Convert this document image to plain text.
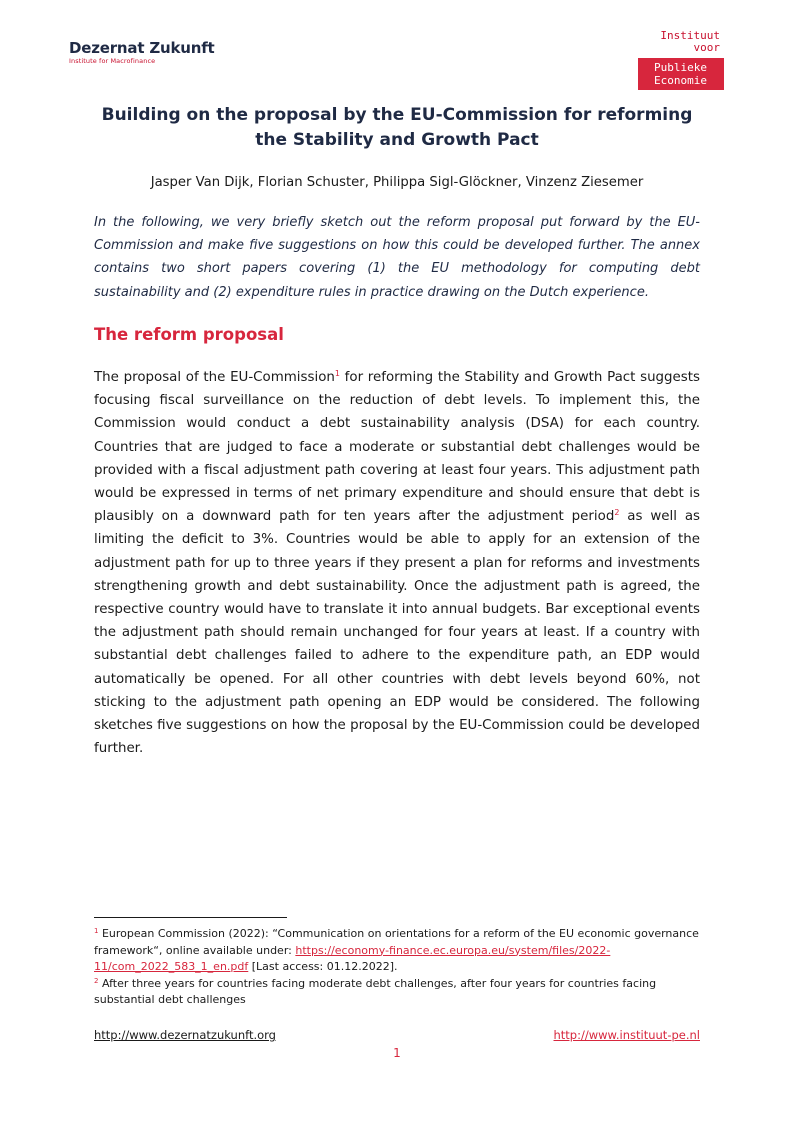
Dezernat Zukunft
Institute for Macrofinance
Instituut
voor
Publieke
Economie
Building on the proposal by the EU-Commission for reforming
the Stability and Growth Pact
Jasper Van Dijk, Florian Schuster, Philippa Sigl-Glöckner, Vinzenz Ziesemer
In the following, we very briefly sketch out the reform proposal put forward by the EU-Commission and make five suggestions on how this could be developed further. The annex contains two short papers covering (1) the EU methodology for computing debt sustainability and (2) expenditure rules in practice drawing on the Dutch experience.
The reform proposal
The proposal of the EU-Commission$^1$ for reforming the Stability and Growth Pact suggests focusing fiscal surveillance on the reduction of debt levels. To implement this, the Commission would conduct a debt sustainability analysis (DSA) for each country. Countries that are judged to face a moderate or substantial debt challenges would be provided with a fiscal adjustment path covering at least four years. This adjustment path would be expressed in terms of net primary expenditure and should ensure that debt is plausibly on a downward path for ten years after the adjustment period$^2$ as well as limiting the deficit to 3%. Countries would be able to apply for an extension of the adjustment path for up to three years if they present a plan for reforms and investments strengthening growth and debt sustainability. Once the adjustment path is agreed, the respective country would have to translate it into annual budgets. Bar exceptional events the adjustment path should remain unchanged for four years at least. If a country with substantial debt challenges failed to adhere to the expenditure path, an EDP would automatically be opened. For all other countries with debt levels beyond 60%, not sticking to the adjustment path opening an EDP would be considered. The following sketches five suggestions on how the proposal by the EU-Commission could be developed further.
$^1$ European Commission (2022): “Communication on orientations for a reform of the EU economic governance framework“, online available under: https://economy-finance.ec.europa.eu/system/files/2022-11/com_2022_583_1_en.pdf [Last access: 01.12.2022].
$^2$ After three years for countries facing moderate debt challenges, after four years for countries facing substantial debt challenges
http://www.dezernatzukunft.org	http://www.instituut-pe.nl
1
